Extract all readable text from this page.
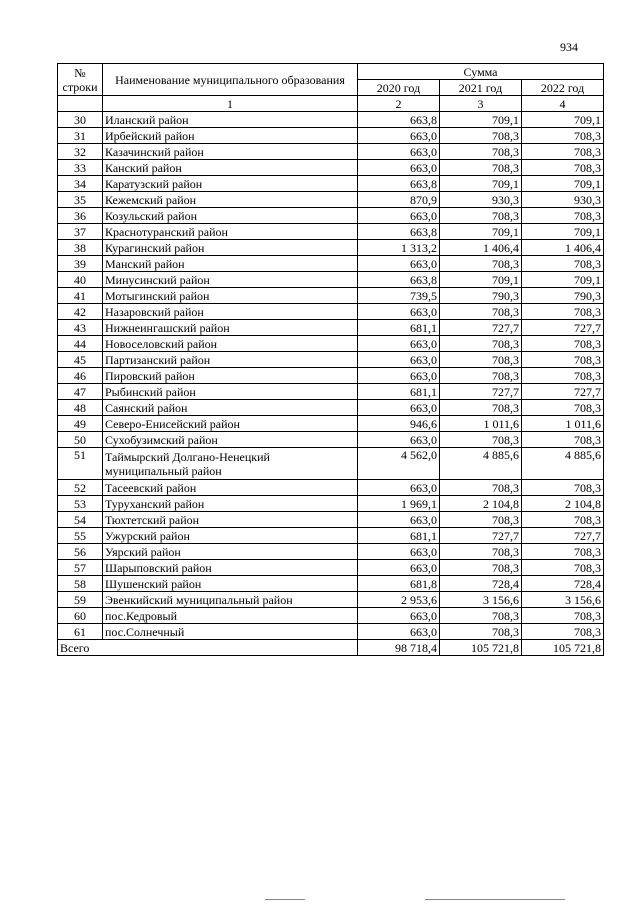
934
№ строки	Наименование муниципального образования	Сумма		
		2020 год	2021 год	2022 год
	1	2	3	4
30	Иланский район	663,8	709,1	709,1
31	Ирбейский район	663,0	708,3	708,3
32	Казачинский район	663,0	708,3	708,3
33	Канский район	663,0	708,3	708,3
34	Каратузский район	663,8	709,1	709,1
35	Кежемский район	870,9	930,3	930,3
36	Козульский район	663,0	708,3	708,3
37	Краснотуранский район	663,8	709,1	709,1
38	Курагинский район	1 313,2	1 406,4	1 406,4
39	Манский район	663,0	708,3	708,3
40	Минусинский район	663,8	709,1	709,1
41	Мотыгинский район	739,5	790,3	790,3
42	Назаровский район	663,0	708,3	708,3
43	Нижнеингашский район	681,1	727,7	727,7
44	Новоселовский район	663,0	708,3	708,3
45	Партизанский район	663,0	708,3	708,3
46	Пировский район	663,0	708,3	708,3
47	Рыбинский район	681,1	727,7	727,7
48	Саянский район	663,0	708,3	708,3
49	Северо-Енисейский район	946,6	1 011,6	1 011,6
50	Сухобузимский район	663,0	708,3	708,3
51	Таймырский Долгано-Ненецкий муниципальный район	4 562,0	4 885,6	4 885,6
52	Тасеевский район	663,0	708,3	708,3
53	Туруханский район	1 969,1	2 104,8	2 104,8
54	Тюхтетский район	663,0	708,3	708,3
55	Ужурский район	681,1	727,7	727,7
56	Уярский район	663,0	708,3	708,3
57	Шарыповский район	663,0	708,3	708,3
58	Шушенский район	681,8	728,4	728,4
59	Эвенкийский муниципальный район	2 953,6	3 156,6	3 156,6
60	пос.Кедровый	663,0	708,3	708,3
61	пос.Солнечный	663,0	708,3	708,3
Всего		98 718,4	105 721,8	105 721,8
